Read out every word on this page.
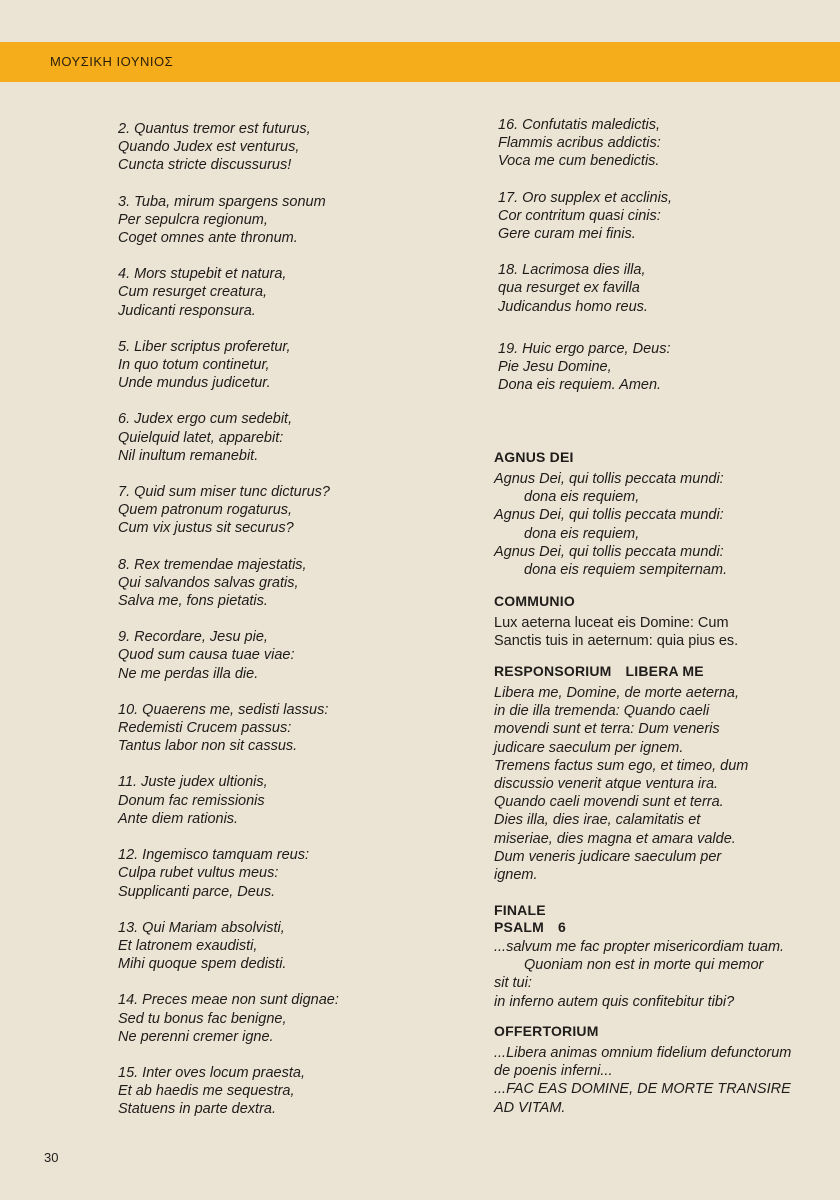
ΜΟΥΣΙΚΗ ΙΟΥΝΙΟΣ
2. Quantus tremor est futurus,
Quando Judex est venturus,
Cuncta stricte discussurus!
3. Tuba, mirum spargens sonum
Per sepulcra regionum,
Coget omnes ante thronum.
4. Mors stupebit et natura,
Cum resurget creatura,
Judicanti responsura.
5. Liber scriptus proferetur,
In quo totum continetur,
Unde mundus judicetur.
6. Judex ergo cum sedebit,
Quielquid latet, apparebit:
Nil inultum remanebit.
7. Quid sum miser tunc dicturus?
Quem patronum rogaturus,
Cum vix justus sit securus?
8. Rex tremendae majestatis,
Qui salvandos salvas gratis,
Salva me, fons pietatis.
9. Recordare, Jesu pie,
Quod sum causa tuae viae:
Ne me perdas illa die.
10. Quaerens me, sedisti lassus:
Redemisti Crucem passus:
Tantus labor non sit cassus.
11. Juste judex ultionis,
Donum fac remissionis
Ante diem rationis.
12. Ingemisco tamquam reus:
Culpa rubet vultus meus:
Supplicanti parce, Deus.
13. Qui Mariam absolvisti,
Et latronem exaudisti,
Mihi quoque spem dedisti.
14. Preces meae non sunt dignae:
Sed tu bonus fac benigne,
Ne perenni cremer igne.
15. Inter oves locum praesta,
Et ab haedis me sequestra,
Statuens in parte dextra.
16. Confutatis maledictis,
Flammis acribus addictis:
Voca me cum benedictis.
17. Oro supplex et acclinis,
Cor contritum quasi cinis:
Gere curam mei finis.
18. Lacrimosa dies illa,
qua resurget ex favilla
Judicandus homo reus.
19. Huic ergo parce, Deus:
Pie Jesu Domine,
Dona eis requiem. Amen.
AGNUS DEI
Agnus Dei, qui tollis peccata mundi:
dona eis requiem,
Agnus Dei, qui tollis peccata mundi:
dona eis requiem,
Agnus Dei, qui tollis peccata mundi:
dona eis requiem sempiternam.
COMMUNIO
Lux aeterna luceat eis Domine: Cum
Sanctis tuis in aeternum: quia pius es.
RESPONSORIUM LIBERA ME
Libera me, Domine, de morte aeterna,
in die illa tremenda: Quando caeli
movendi sunt et terra: Dum veneris
judicare saeculum per ignem.
Tremens factus sum ego, et timeo, dum
discussio venerit atque ventura ira.
Quando caeli movendi sunt et terra.
Dies illa, dies irae, calamitatis et
miseriae, dies magna et amara valde.
Dum veneris judicare saeculum per
ignem.
FINALE
PSALM 6
...salvum me fac propter misericordiam tuam.
Quoniam non est in morte qui memor
sit tui:
in inferno autem quis confitebitur tibi?
OFFERTORIUM
...Libera animas omnium fidelium defunctorum
de poenis inferni...
...FAC EAS DOMINE, DE MORTE TRANSIRE
AD VITAM.
30
